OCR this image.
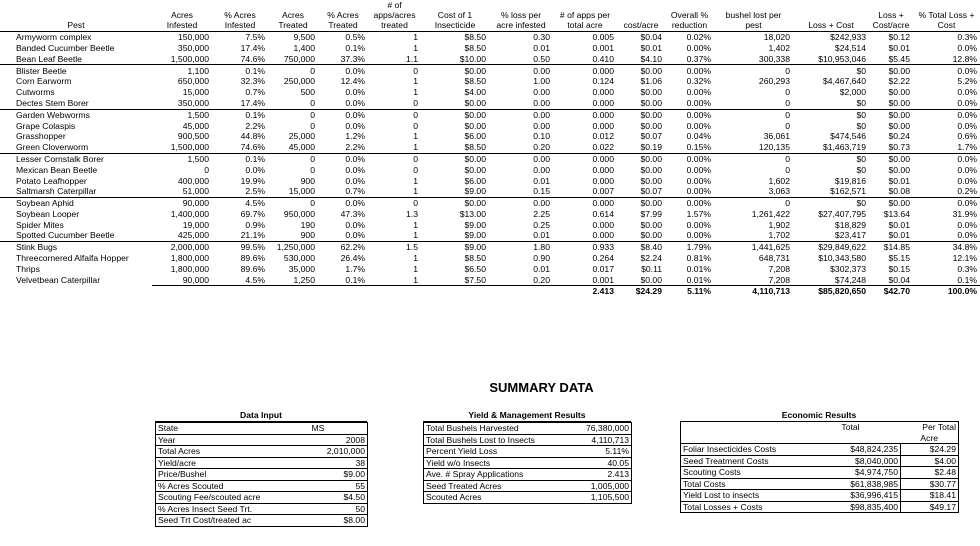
Pest	Acres Infested	% Acres Infested	Acres Treated	% Acres Treated	# of apps/acres treated	Cost of 1 Insecticide	% loss per acre infested	# of apps per total acre	cost/acre	Overall % reduction	bushel lost per pest	Loss + Cost	Loss + Cost/acre	% Total Loss + Cost
Armyworm complex	150,000	7.5%	9,500	0.5%	1	$8.50	0.30	0.005	$0.04	0.02%	18,020	$242,933	$0.12	0.3%
Banded Cucumber Beetle	350,000	17.4%	1,400	0.1%	1	$8.50	0.01	0.001	$0.01	0.00%	1,402	$24,514	$0.01	0.0%
Bean Leaf Beetle	1,500,000	74.6%	750,000	37.3%	1.1	$10.00	0.50	0.410	$4.10	0.37%	300,338	$10,953,046	$5.45	12.8%
Blister Beetle	1,100	0.1%	0	0.0%	0	$0.00	0.00	0.000	$0.00	0.00%	0	$0	$0.00	0.0%
Corn Earworm	650,000	32.3%	250,000	12.4%	1	$8.50	1.00	0.124	$1.06	0.32%	260,293	$4,467,640	$2.22	5.2%
Cutworms	15,000	0.7%	500	0.0%	1	$4.00	0.00	0.000	$0.00	0.00%	0	$2,000	$0.00	0.0%
Dectes Stem Borer	350,000	17.4%	0	0.0%	0	$0.00	0.00	0.000	$0.00	0.00%	0	$0	$0.00	0.0%
Garden Webworms	1,500	0.1%	0	0.0%	0	$0.00	0.00	0.000	$0.00	0.00%	0	$0	$0.00	0.0%
Grape Colaspis	45,000	2.2%	0	0.0%	0	$0.00	0.00	0.000	$0.00	0.00%	0	$0	$0.00	0.0%
Grasshopper	900,500	44.8%	25,000	1.2%	1	$6.00	0.10	0.012	$0.07	0.04%	36,061	$474,546	$0.24	0.6%
Green Cloverworm	1,500,000	74.6%	45,000	2.2%	1	$8.50	0.20	0.022	$0.19	0.15%	120,135	$1,463,719	$0.73	1.7%
Lesser Cornstalk Borer	1,500	0.1%	0	0.0%	0	$0.00	0.00	0.000	$0.00	0.00%	0	$0	$0.00	0.0%
Mexican Bean Beetle	0	0.0%	0	0.0%	0	$0.00	0.00	0.000	$0.00	0.00%	0	$0	$0.00	0.0%
Potato Leafhopper	400,000	19.9%	900	0.0%	1	$6.00	0.01	0.000	$0.00	0.00%	1,602	$19,816	$0.01	0.0%
Saltmarsh Caterpillar	51,000	2.5%	15,000	0.7%	1	$9.00	0.15	0.007	$0.07	0.00%	3,063	$162,571	$0.08	0.2%
Soybean Aphid	90,000	4.5%	0	0.0%	0	$0.00	0.00	0.000	$0.00	0.00%	0	$0	$0.00	0.0%
Soybean Looper	1,400,000	69.7%	950,000	47.3%	1.3	$13.00	2.25	0.614	$7.99	1.57%	1,261,422	$27,407,795	$13.64	31.9%
Spider Mites	19,000	0.9%	190	0.0%	1	$9.00	0.25	0.000	$0.00	0.00%	1,902	$18,829	$0.01	0.0%
Spotted Cucumber Beetle	425,000	21.1%	900	0.0%	1	$9.00	0.01	0.000	$0.00	0.00%	1,702	$23,417	$0.01	0.0%
Stink Bugs	2,000,000	99.5%	1,250,000	62.2%	1.5	$9.00	1.80	0.933	$8.40	1.79%	1,441,625	$29,849,622	$14.85	34.8%
Threecornered Alfalfa Hopper	1,800,000	89.6%	530,000	26.4%	1	$8.50	0.90	0.264	$2.24	0.81%	648,731	$10,343,580	$5.15	12.1%
Thrips	1,800,000	89.6%	35,000	1.7%	1	$6.50	0.01	0.017	$0.11	0.01%	7,208	$302,373	$0.15	0.3%
Velvetbean Caterpillar	90,000	4.5%	1,250	0.1%	1	$7.50	0.20	0.001	$0.00	0.01%	7,208	$74,248	$0.04	0.1%
								2.413	$24.29	5.11%	4,110,713	$85,820,650	$42.70	100.0%
SUMMARY DATA
Data Input
State	MS
Year	2008
Total Acres	2,010,000
Yield/acre	38
Price/Bushel	$9.00
% Acres Scouted	55
Scouting Fee/scouted acre	$4.50
% Acres Insect Seed Trt.	50
Seed Trt Cost/treated ac	$8.00
Yield & Management Results
Total Bushels Harvested	76,380,000
Total Bushels Lost to Insects	4,110,713
Percent Yield Loss	5.11%
Yield w/o Insects	40.05
Ave. # Spray Applications	2.413
Seed Treated Acres	1,005,000
Scouted Acres	1,105,500
Economic Results
	Total	Per Total
		Acre
Foliar Insecticides Costs	$48,824,235	$24.29
Seed Treatment Costs	$8,040,000	$4.00
Scouting Costs	$4,974,750	$2.48
Total Costs	$61,838,985	$30.77
Yield Lost to insects	$36,996,415	$18.41
Total Losses + Costs	$98,835,400	$49.17
